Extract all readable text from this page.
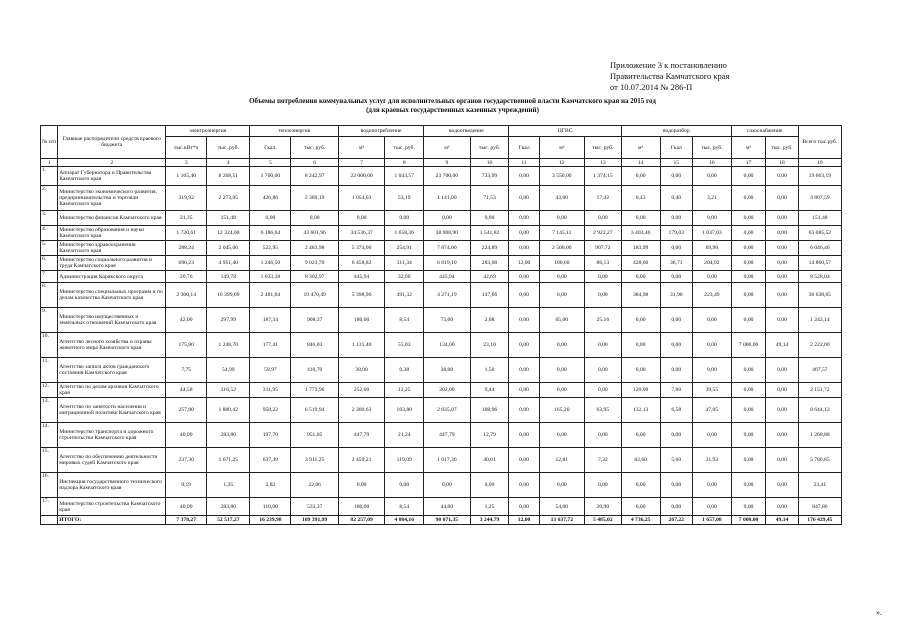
Приложение 3 к постановлению
Правительства Камчатского края
от 10.07.2014 № 286-П
Объемы потребления коммунальных услуг для исполнительных органов государственной власти Камчатского края на 2015 год
(для краевых государственных казенных учреждений)
№ п/п	Главные распорядители средств краевого бюджета	электроэнергия		теплоэнергия		водопотребление		водоотведение		ЦГВС			водоразбор			газоснабжение		Всего тыс.руб.
		тыс.кВт*ч	тыс. руб.	Гкал.	тыс. руб.	м³	тыс. руб.	м³	тыс. руб.	Гкал	м³	тыс. руб.	м³	Гкал	тыс. руб.	м³	тыс. руб.	
1	2	3	4	5	6	7	8	9	10	11	12	13	14	15	16	17	18	19
1.	Аппарат Губернатора и Правительства Камчатского края	1 165,40	8 268,51	1 700,00	8 242,97	22 000,00	1 043,57	23 700,00	733,99	0,00	3 550,00	1 374,15	0,00	0,00	0,00	0,00	0,00	19 663,19
2.	Министерство экономического развития, предпринимательства и торговли Камчатского края	319,92	2 273,05	426,86	2 389,19	1 054,03	53,19	1 141,00	71,53	0,00	43,00	17,42	0,43	0,40	3,21	0,00	0,00	4 807,59
3.	Министерство финансов Камчатского края	21,35	151,48	0,00	0,00	0,00	0,00	0,00	0,00	0,00	0,00	0,00	0,00	0,00	0,00	0,00	0,00	151,48
4.	Министерство образования и науки Камчатского края	1 720,61	12 324,08	6 186,64	43 601,96	34 536,37	1 658,36	38 908,90	1 541,82	0,00	7 145,11	2 922,27	3 403,46	179,03	1 037,03	0,00	0,00	63 085,52
5.	Министерство здравоохранения Камчатского края	288,24	2 045,06	522,95	2 483,98	5 374,00	254,91	7 874,00	224,89	0,00	2 500,00	907,72	183,99	0,00	69,90	0,00	0,00	6 046,46
6.	Министерство социального развития и труда Камчатского края	696,23	4 951,40	1 246,50	9 023,70	6 458,82	311,34	6 819,10	283,08	12,00	100,60	86,13	428,66	36,71	204,92	0,00	0,00	14 860,57
7.	Администрация Корякского округа	20,76	149,78	1 033,18	8 302,97	445,94	32,60	445,94	42,69	0,00	0,00	0,00	0,00	0,00	0,00	0,00	0,00	8 528,04
8.	Министерство специальных программ и по делам казачества Камчатского края	2 300,14	16 399,09	2 481,04	19 470,49	5 398,90	491,32	4 271,19	147,66	0,00	0,00	0,00	384,98	31,90	223,49	0,00	0,00	36 638,05
9.	Министерство имущественных и земельных отношений Камчатского края	42,00	297,99	187,34	908,37	180,00	8,54	73,00	2,08	0,00	65,00	25,16	0,00	0,00	0,00	0,00	0,00	1 242,14
10.	Агентство лесного хозяйства и охраны животного мира Камчатского края	175,80	1 248,70	177,41	846,03	1 131,40	55,03	134,00	23,10	0,00	0,00	0,00	0,00	0,00	0,00	7 000,00	49,14	2 222,00
11.	Агентство записи актов гражданского состояния Камчатского края	7,75	54,99	59,97	410,70	38,00	0,38	38,00	1,50	0,00	0,00	0,00	0,00	0,00	0,00	0,00	0,00	467,57
12.	Агентство по делам архивов Камчатского края	44,58	316,52	311,95	1 773,96	252,00	12,25	302,00	9,44	0,00	0,00	0,00	120,00	7,00	39,55	0,00	0,00	2 151,72
13.	Агентство по занятости населения и миграционной политике Камчатского края	257,80	1 800,42	958,22	6 519,94	2 300,63	103,80	2 835,07	108,96	0,00	165,20	63,95	132,13	6,58	47,05	0,00	0,00	8 644,12
14.	Министерство транспорта и дорожного строительства Камчатского края	40,00	283,80	197,70	951,05	447,79	21,24	447,79	12,79	0,00	0,00	0,00	0,00	0,00	0,00	0,00	0,00	1 268,88
15.	Агентство по обеспечению деятельности мировых судей Камчатского края	237,30	1 671,25	637,49	3 911,25	2 459,21	119,09	1 017,36	40,01	0,00	12,81	7,32	82,60	5,60	31,93	0,00	0,00	5 780,85
16.	Инспекция государственного технического надзора Камчатского края	0,19	1,35	2,82	22,06	0,00	0,00	0,00	0,00	0,00	0,00	0,00	0,00	0,00	0,00	0,00	0,00	23,41
17.	Министерство строительства Камчатского края	40,00	283,80	110,00	533,37	180,00	8,54	44,00	1,25	0,00	54,00	20,90	0,00	0,00	0,00	0,00	0,00	847,86
	ИТОГО:	7 378,27	52 517,27	16 239,98	109 391,99	82 257,09	4 084,16	90 071,35	3 244,79	12,00	13 637,72	5 485,02	4 736,25	267,22	1 657,08	7 000,00	49,14	176 429,45
».
